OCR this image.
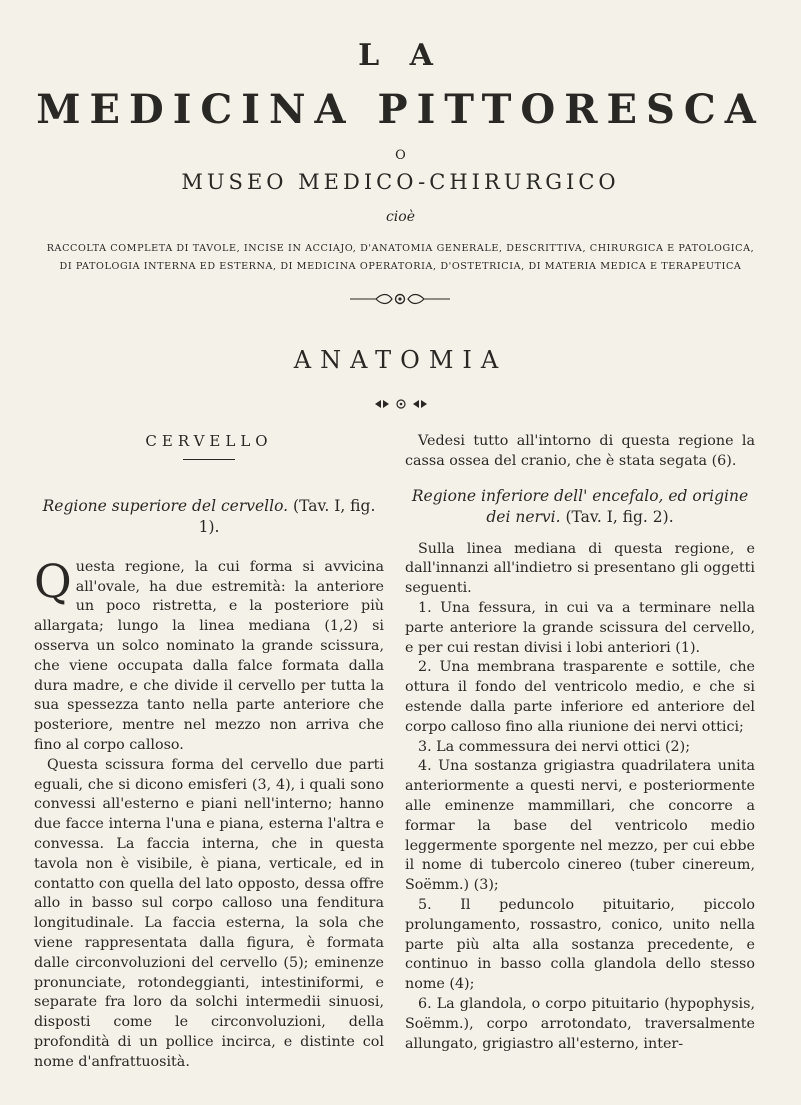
L A
MEDICINA PITTORESCA
O
MUSEO MEDICO-CHIRURGICO
cioè
RACCOLTA COMPLETA DI TAVOLE, INCISE IN ACCIAJO, D'ANATOMIA GENERALE, DESCRITTIVA, CHIRURGICA E PATOLOGICA,
DI PATOLOGIA INTERNA ED ESTERNA, DI MEDICINA OPERATORIA, D'OSTETRICIA, DI MATERIA MEDICA E TERAPEUTICA
ANATOMIA
CERVELLO
Regione superiore del cervello. (Tav. I, fig. 1).

Questa regione, la cui forma si avvicina all'ovale, ha due estremità: la anteriore un poco ristretta, e la posteriore più allargata; lungo la linea mediana (1,2) si osserva un solco nominato la grande scissura, che viene occupata dalla falce formata dalla dura madre, e che divide il cervello per tutta la sua spessezza tanto nella parte anteriore che posteriore, mentre nel mezzo non arriva che fino al corpo calloso.

Questa scissura forma del cervello due parti eguali, che si dicono emisferi (3, 4), i quali sono convessi all'esterno e piani nell'interno; hanno due facce interna l'una e piana, esterna l'altra e convessa. La faccia interna, che in questa tavola non è visibile, è piana, verticale, ed in contatto con quella del lato opposto, dessa offre allo in basso sul corpo calloso una fenditura longitudinale. La faccia esterna, la sola che viene rappresentata dalla figura, è formata dalle circonvoluzioni del cervello (5); eminenze pronunciate, rotondeggianti, intestiniformi, e separate fra loro da solchi intermedii sinuosi, disposti come le circonvoluzioni, della profondità di un pollice incirca, e distinte col nome d'anfrattuosità.

Vedesi tutto all'intorno di questa regione la cassa ossea del cranio, che è stata segata (6).

Regione inferiore dell' encefalo, ed origine
dei nervi. (Tav. I, fig. 2).

Sulla linea mediana di questa regione, e dall'innanzi all'indietro si presentano gli oggetti seguenti.

1. Una fessura, in cui va a terminare nella parte anteriore la grande scissura del cervello, e per cui restan divisi i lobi anteriori (1).

2. Una membrana trasparente e sottile, che ottura il fondo del ventricolo medio, e che si estende dalla parte inferiore ed anteriore del corpo calloso fino alla riunione dei nervi ottici;

3. La commessura dei nervi ottici (2);

4. Una sostanza grigiastra quadrilatera unita anteriormente a questi nervi, e posteriormente alle eminenze mammillari, che concorre a formar la base del ventricolo medio leggermente sporgente nel mezzo, per cui ebbe il nome di tubercolo cinereo (tuber cinereum, Soëmm.) (3);

5. Il peduncolo pituitario, piccolo prolungamento, rossastro, conico, unito nella parte più alta alla sostanza precedente, e continuo in basso colla glandola dello stesso nome (4);

6. La glandola, o corpo pituitario (hypophysis, Soëmm.), corpo arrotondato, traversalmente allungato, grigiastro all'esterno, inter-
